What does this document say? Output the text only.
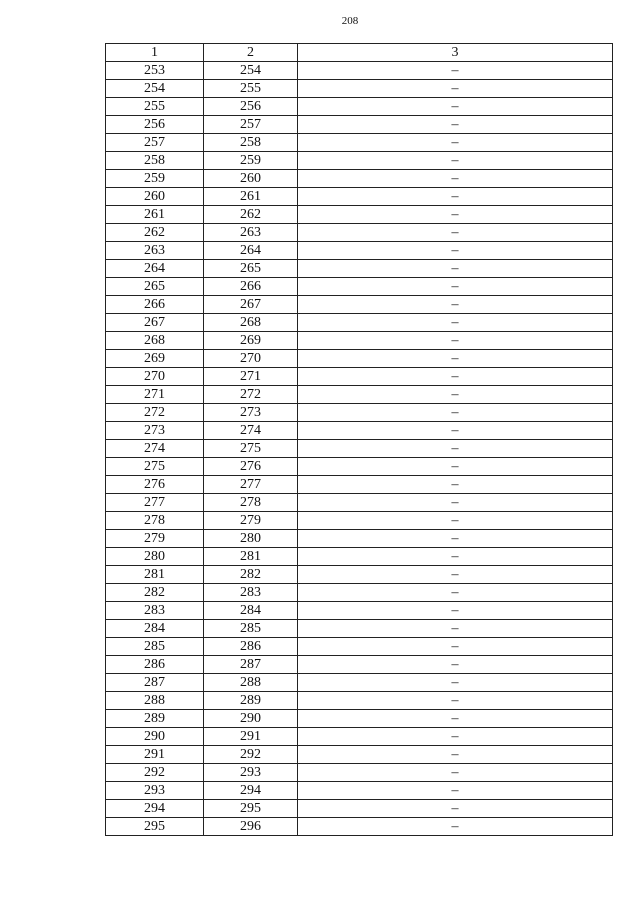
208
1	2	3
253	254	–
254	255	–
255	256	–
256	257	–
257	258	–
258	259	–
259	260	–
260	261	–
261	262	–
262	263	–
263	264	–
264	265	–
265	266	–
266	267	–
267	268	–
268	269	–
269	270	–
270	271	–
271	272	–
272	273	–
273	274	–
274	275	–
275	276	–
276	277	–
277	278	–
278	279	–
279	280	–
280	281	–
281	282	–
282	283	–
283	284	–
284	285	–
285	286	–
286	287	–
287	288	–
288	289	–
289	290	–
290	291	–
291	292	–
292	293	–
293	294	–
294	295	–
295	296	–
